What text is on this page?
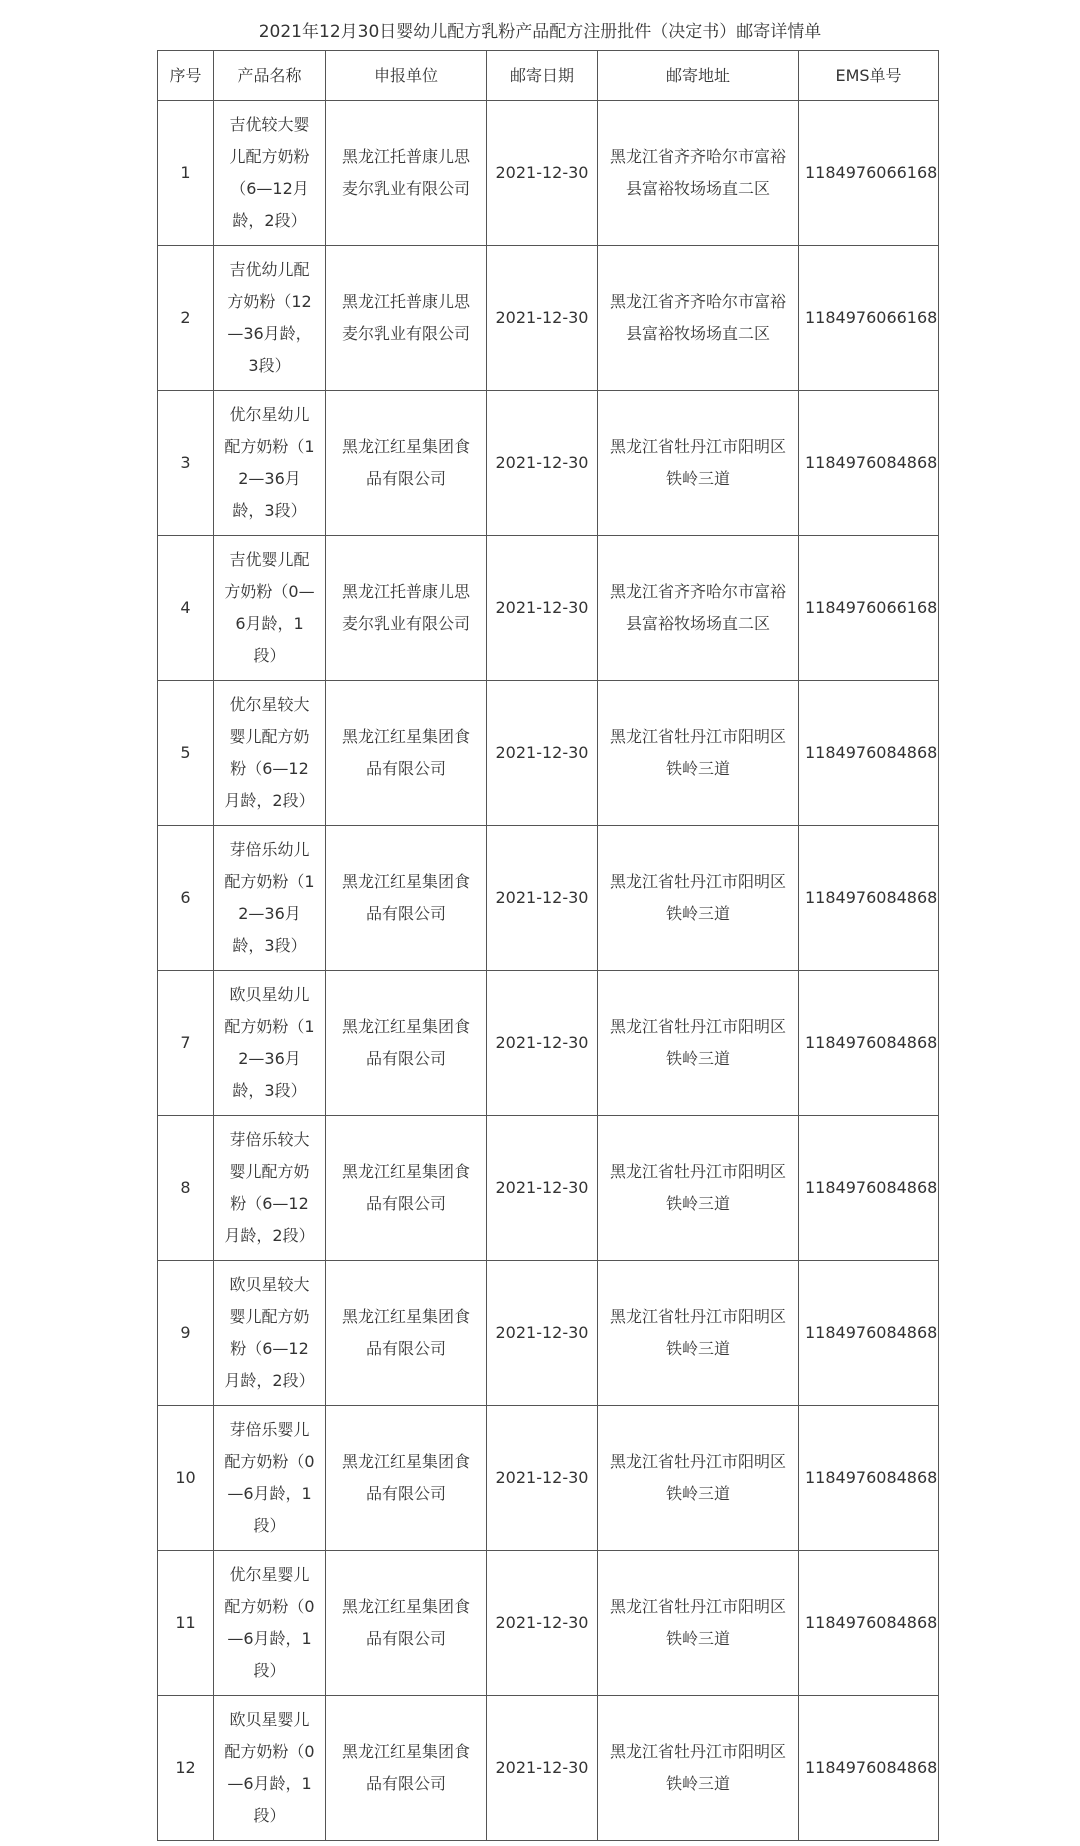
2021年12月30日婴幼儿配方乳粉产品配方注册批件（决定书）邮寄详情单
序号	产品名称	申报单位	邮寄日期	邮寄地址	EMS单号
1	吉优较大婴儿配方奶粉（6—12月龄，2段）	黑龙江托普康儿思麦尔乳业有限公司	2021-12-30	黑龙江省齐齐哈尔市富裕县富裕牧场场直二区	1184976066168
2	吉优幼儿配方奶粉（12—36月龄，3段）	黑龙江托普康儿思麦尔乳业有限公司	2021-12-30	黑龙江省齐齐哈尔市富裕县富裕牧场场直二区	1184976066168
3	优尔星幼儿配方奶粉（12—36月龄，3段）	黑龙江红星集团食品有限公司	2021-12-30	黑龙江省牡丹江市阳明区铁岭三道	1184976084868
4	吉优婴儿配方奶粉（0—6月龄，1段）	黑龙江托普康儿思麦尔乳业有限公司	2021-12-30	黑龙江省齐齐哈尔市富裕县富裕牧场场直二区	1184976066168
5	优尔星较大婴儿配方奶粉（6—12月龄，2段）	黑龙江红星集团食品有限公司	2021-12-30	黑龙江省牡丹江市阳明区铁岭三道	1184976084868
6	芽倍乐幼儿配方奶粉（12—36月龄，3段）	黑龙江红星集团食品有限公司	2021-12-30	黑龙江省牡丹江市阳明区铁岭三道	1184976084868
7	欧贝星幼儿配方奶粉（12—36月龄，3段）	黑龙江红星集团食品有限公司	2021-12-30	黑龙江省牡丹江市阳明区铁岭三道	1184976084868
8	芽倍乐较大婴儿配方奶粉（6—12月龄，2段）	黑龙江红星集团食品有限公司	2021-12-30	黑龙江省牡丹江市阳明区铁岭三道	1184976084868
9	欧贝星较大婴儿配方奶粉（6—12月龄，2段）	黑龙江红星集团食品有限公司	2021-12-30	黑龙江省牡丹江市阳明区铁岭三道	1184976084868
10	芽倍乐婴儿配方奶粉（0—6月龄，1段）	黑龙江红星集团食品有限公司	2021-12-30	黑龙江省牡丹江市阳明区铁岭三道	1184976084868
11	优尔星婴儿配方奶粉（0—6月龄，1段）	黑龙江红星集团食品有限公司	2021-12-30	黑龙江省牡丹江市阳明区铁岭三道	1184976084868
12	欧贝星婴儿配方奶粉（0—6月龄，1段）	黑龙江红星集团食品有限公司	2021-12-30	黑龙江省牡丹江市阳明区铁岭三道	1184976084868
